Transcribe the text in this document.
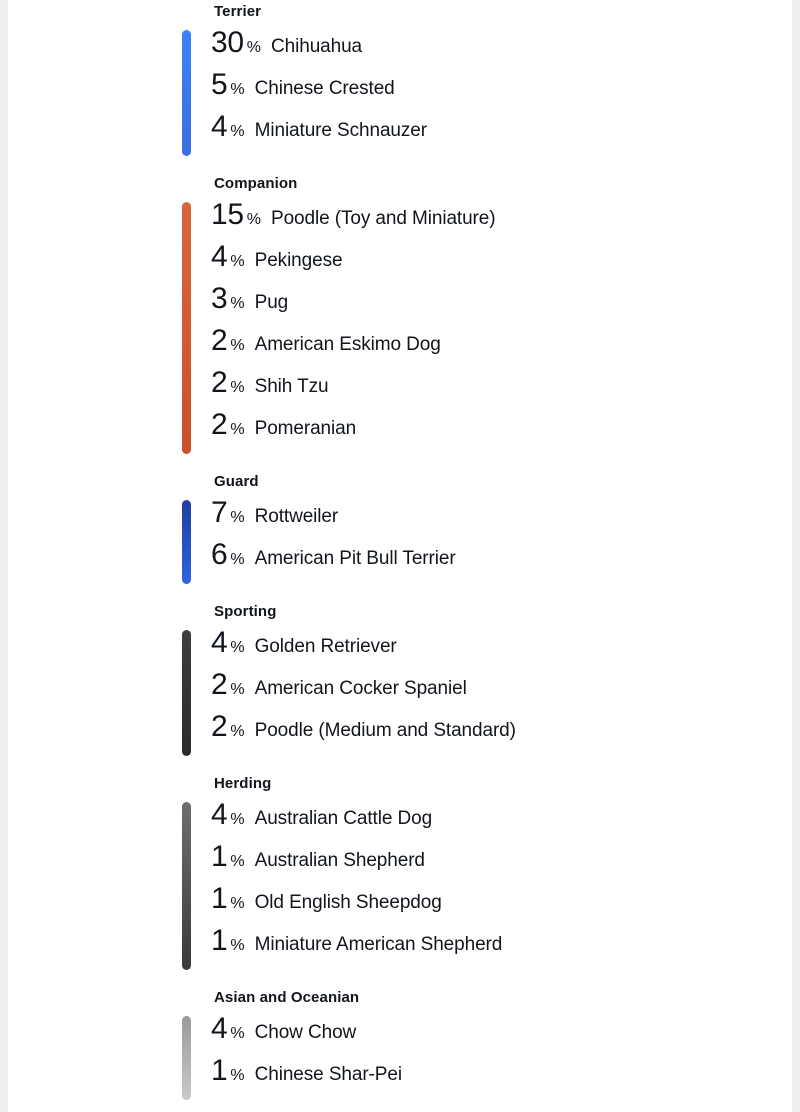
Terrier
30 % Chihuahua
5 % Chinese Crested
4 % Miniature Schnauzer
Companion
15 % Poodle (Toy and Miniature)
4 % Pekingese
3 % Pug
2 % American Eskimo Dog
2 % Shih Tzu
2 % Pomeranian
Guard
7 % Rottweiler
6 % American Pit Bull Terrier
Sporting
4 % Golden Retriever
2 % American Cocker Spaniel
2 % Poodle (Medium and Standard)
Herding
4 % Australian Cattle Dog
1 % Australian Shepherd
1 % Old English Sheepdog
1 % Miniature American Shepherd
Asian and Oceanian
4 % Chow Chow
1 % Chinese Shar-Pei
